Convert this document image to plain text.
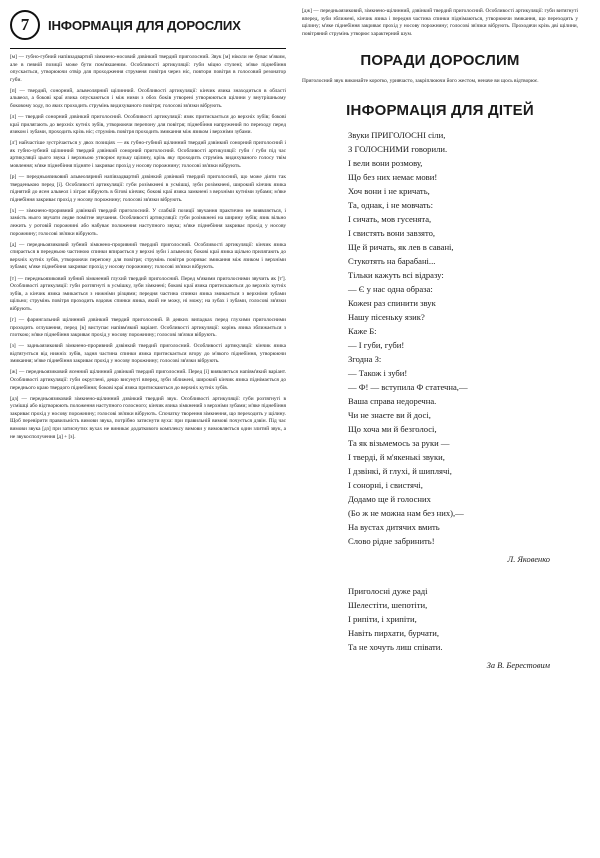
7	ІНФОРМАЦІЯ ДЛЯ ДОРОСЛИХ

[м] — губно-губний напівзадвартий зімкнено-носовий дзвінкий твердий приголосний. Звук [м] ніколи не буває м'яким, але в певній позиції може бути пом'якшеним. Особливості артикуляції: губи міцно стулені; м'яке піднебіння опускається, утворюючи отвір для проходження струменя повітря через ніс, повтори повітря в голосовий резонатор губи.

[п] — твердий, сонорний, альвеолярний щілинний. Особливості артикуляції: кінчик язика знаходиться в області альвеол, а бокові краї язика опускаються і між ними з обох боків утворені утворюються щілини у внутрішньому боковому ходу, по яких проходить струмінь видихуваного повітря; голосові зв'язки вібрують.

[л] — твердий сонорний дзвінкий приголосний. Особливості артикуляції: язик притискається до верхніх зубів; бокові краї прилягають до верхніх кутніх зубів, утворюючи перепону для повітря; піднебі́ння напружений по переходу перед язиком і зубами, проходить крізь ніс; струмінь повітря проходить змикання між язиком і верхніми зубами.

[л'] найчастіше зустрічається у двох позиціях — як губно-губний щілинний твердий дзвінкий сонорний приголосний і як губно-зубний щілинний твердий дзвінкий сонорний приголосний. Особливості артикуляції: губи / губи під час артикуляції цього звука і верхньою утворює вузьку щілину, крізь яку проходить струмінь видихуваного голосу твім мовлення; м'яке піднебіння підняте і закриває прохід у носову порожнину; голосові зв'язки вібрують.

[р] — передньоязиковий альвеолярний напівзадвартий дзвінкий дзвінкий твердий приголосний, що може діяти так тверденькою перед [і]. Особливості артикуляції: губи розімкнені в усмішці, зуби розімкнені, широкий кінчик язика піднятий до ясен альвеол і зіграє вібрують в бігові кінчик; бокові краї язика замкнені з верхніми кутніми зубами; м'яке піднебіння закриває прохід у носову порожнину; голосові зв'язки вібрують.

[х] — зімкнено-проривний дзвінкий твердий приголосний. У слабкій позиції звучання практично не виявляється, і замість нього звучати ледве помітне звучання. Особливості артикуляції: губи розімкнені на ширину зубів; язик вільно лежить у ротовій порожнині або набуває положення наступного звука; м'яке піднебіння закриває прохід у носову порожнину; голосові зв'язки вібрують.

[д] — передньоязиковий зубний зімкнено-проривний твердий приголосний. Особливості артикуляції: кінчик язика спирається в передньою частиною спинки впирається у верхні зуби і альвеоли; бокові краї язика щільно прилягають до верхніх кутніх зубів, утворюючи перепону для повітря; струмінь повітря розриває змикання між язиком і верхніми зубами; м'яке піднебіння закриває прохід у носову порожнину; голосові зв'язки вібрують.

[т] — передньоязиковий зубний зімкнений глухий твердий приголосний. Перед м'якими приголосними звучить як [т']. Особливості артикуляції: губи розтягнуті в усмішку, зуби зімкнені; бокові краї язика притискаються до верхніх кутніх зубів, а кінчик язика змикається з нижніми різцями; передня частина спинки язика змикається з верхніми зубами щільно; струмінь повітря проходить вздовж спинки язика, який не можу, ні можу; на зубах і зубами, голосові зв'язки вібрують.

[г] — фарингальний щілинний дзвінкий твердий приголосний. В деяких випадках перед глухими приголосними проходить оглушення, перед [в] виступає напівм'який варіант. Особливості артикуляції: корінь язика зближається з глоткою; м'яке піднебіння закриває прохід у носову порожнину; голосові зв'язки вібрують.

[з] — задньоязиковий зімкнено-проривний дзвінкий твердий приголосний. Особливості артикуляції: кінчик язика відтягується від нижніх зубів, задня частина спинки язика притискається вгору до м'якого піднебіння, утворюючи змикання; м'яке піднебіння закриває прохід у носову порожнину; голосові зв'язки вібрують.

[ж] — передньоязиковий ясенний щілинний дзвінкий твердий приголосний. Перед [і] виявляється напівм'який варіант. Особливості артикуляції: губи округлені, дещо висунуті вперед, зуби зближені, широкий кінчик язика піднімається до переднього краю твердого піднебіння; бокові краї язика притискаються до верхніх кутніх зубів.

[дз] — передньоязиковий зімкнено-щілинний дзвінкий твердий звук. Особливості артикуляції: губи розтягнуті в усмішці або відтворюють положення наступного голосного; кінчик язика зімкнений з верхніми зубами; м'яке піднебіння закриває прохід у носову порожнину; голосові зв'язки вібрують. Спочатку творення зімкнення, що переходить у щілину. Щоб перевірити правильність вимови звука, потрібно затиснути вуха: при правильній вимові почується дзвін. Під час вимови звука [дз] при затиснутих вухах не виникає додаткового комплексу вимови у вимовляється один злитий звук, а не звукосполучення [д] + [з].

[дж] — передньоязиковий, зімкнено-щілинний, дзвінкий твердий приголосний. Особливості артикуляції: губи витягнуті вперед, зуби зближені, кінчик язика і передня частина спинки піднімаються, утворюючи змикання, що переходить у щілину; м'яке піднебіння закриває прохід у носову порожнину; голосові зв'язки вібрують. Проходячи крізь дві щілини, повітряний струмінь утворює характерний шум.

ПОРАДИ ДОРОСЛИМ

Приголосний звук виконайте коротко, уривчасто, закріплюючи його жестом, неначе ви щось відтворює.

ІНФОРМАЦІЯ ДЛЯ ДІТЕЙ
Звуки ПРИГОЛОСНІ сіли,
З ГОЛОСНИМИ говорили.
І вели вони розмову,
Що без них немає мови!
Хоч вони і не кричать,
Та, однак, і не мовчать:
І сичать, мов гусенята,
І свистять вони завзято,
Ще й ричать, як лев в савані,
Стукотять на барабані...
Тільки кажуть всі відразу:
— Є у нас одна образа:
Кожен раз спинити звук
Нашу пісеньку язик?
Каже Б:
— І губи, губи!
Згодна З:
— Також і зуби!
— Ф! — вступила Ф статечна,—
Ваша справа недоречна.
Чи не знаєте ви й досі,
Що хоча ми й безголосі,
Та як візьмемось за руки —
І тверді, й м'якенькі звуки,
І дзвінкі, й глухі, й шиплячі,
І сонорні, і свистячі,
Додамо ще й голосних
(Бо ж не можна нам без них),—
На вустах дитячих вмить
Слово рідне забринить!
Л. Яковенко
Приголосні дуже раді
Шелестіти, шепотіти,
І рипіти, і хрипіти,
Навіть пирхати, бурчати,
Та не хочуть лиш співати.
За В. Берестовим
